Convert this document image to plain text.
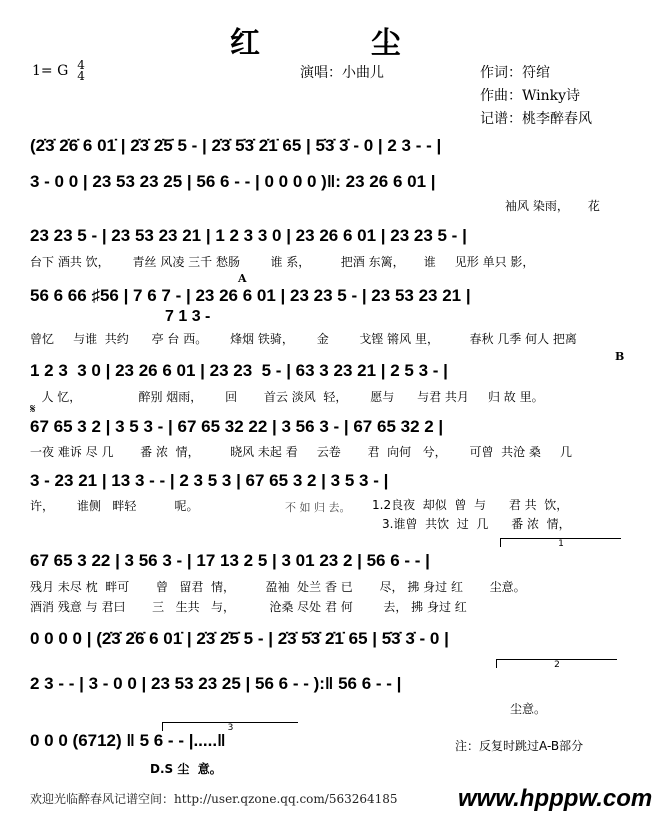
红  尘
1= G 4
4	演唱：小曲儿	作词：符绾
作曲：Winky诗
记谱：桃李醉春风
(2̇3̇ 2̇6̇ 6 01̇ | 2̇3̇ 2̇5̇ 5 - | 2̇3̇ 5̇3̇ 2̇1̇ 65 | 5̇3̇ 3̇ - 0 | 2 3 - - |
3 - 0 0 | 23 53 23 25 | 56 6 - - | 0 0 0 0 )‖: 23 26 6 01 |
袖风 染雨，     花
23 23 5 - | 23 53 23 21 | 1 2 3 3 0 | 23 26 6 01 | 23 23 5 - |
台下 酒共 饮，      青丝 风凌 三千 愁肠        谁 系，        把酒 东篱，     谁     见形 单只 影，
56 6 66 ♯56 | 7 6 7 - | 23 26 6 01 | 23 23 5 - | 23 53 23 21 |
A
7 1 3 -
曾忆     与谁  共约      亭 台 西。      烽烟 铁骑，      金        戈铿 锵风 里，        春秋 几季 何人 把离
1 2 3  3 0 | 23 26 6 01 | 23 23  5 - | 63 3 23 21 | 2 5 3 - |
B
人 忆，               醉别 烟雨，      回       首云 淡风  轻，      愿与      与君 共月     归 故 里。
𝄋
67 65 3 2 | 3 5 3 - | 67 65 32 22 | 3 56 3 - | 67 65 32 2 |
一夜 难诉 尽 几       番 浓  情，        晓风 未起 看     云卷       君  向何   兮，      可曾  共沧 桑     几
3 - 23 21 | 13 3 - - | 2 3 5 3 | 67 65 3 2 | 3 5 3 - |
许，      谁侧   畔轻          呢。	不 如 归 去。 1.2良夜  却似  曾  与      君 共  饮，
3.谁曾  共饮  过  几      番 浓  情，
1
67 65 3 22 | 3 56 3 - | 17 13 2 5 | 3 01 23 2 | 56 6 - - |
残月 未尽 枕  畔可       曾   留君  情，        盈袖  处兰 香 已       尽， 拂 身过 红       尘意。
酒消 残意 与 君曰       三   生共   与，         沧桑 尽处 君 何        去， 拂 身过 红
0 0 0 0 | (2̇3̇ 2̇6̇ 6 01̇ | 2̇3̇ 2̇5̇ 5 - | 2̇3̇ 5̇3̇ 2̇1̇ 65 | 5̇3̇ 3̇ - 0 |
2
2 3 - - | 3 - 0 0 | 23 53 23 25 | 56 6 - - ):‖ 56 6 - - |
尘意。
3
0 0 0 (6712) ‖ 5 6 - - |.....‖
D.S 尘  意。
注：反复时跳过A-B部分
欢迎光临醉春风记谱空间：http://user.qzone.qq.com/563264185	www.hpppw.com
